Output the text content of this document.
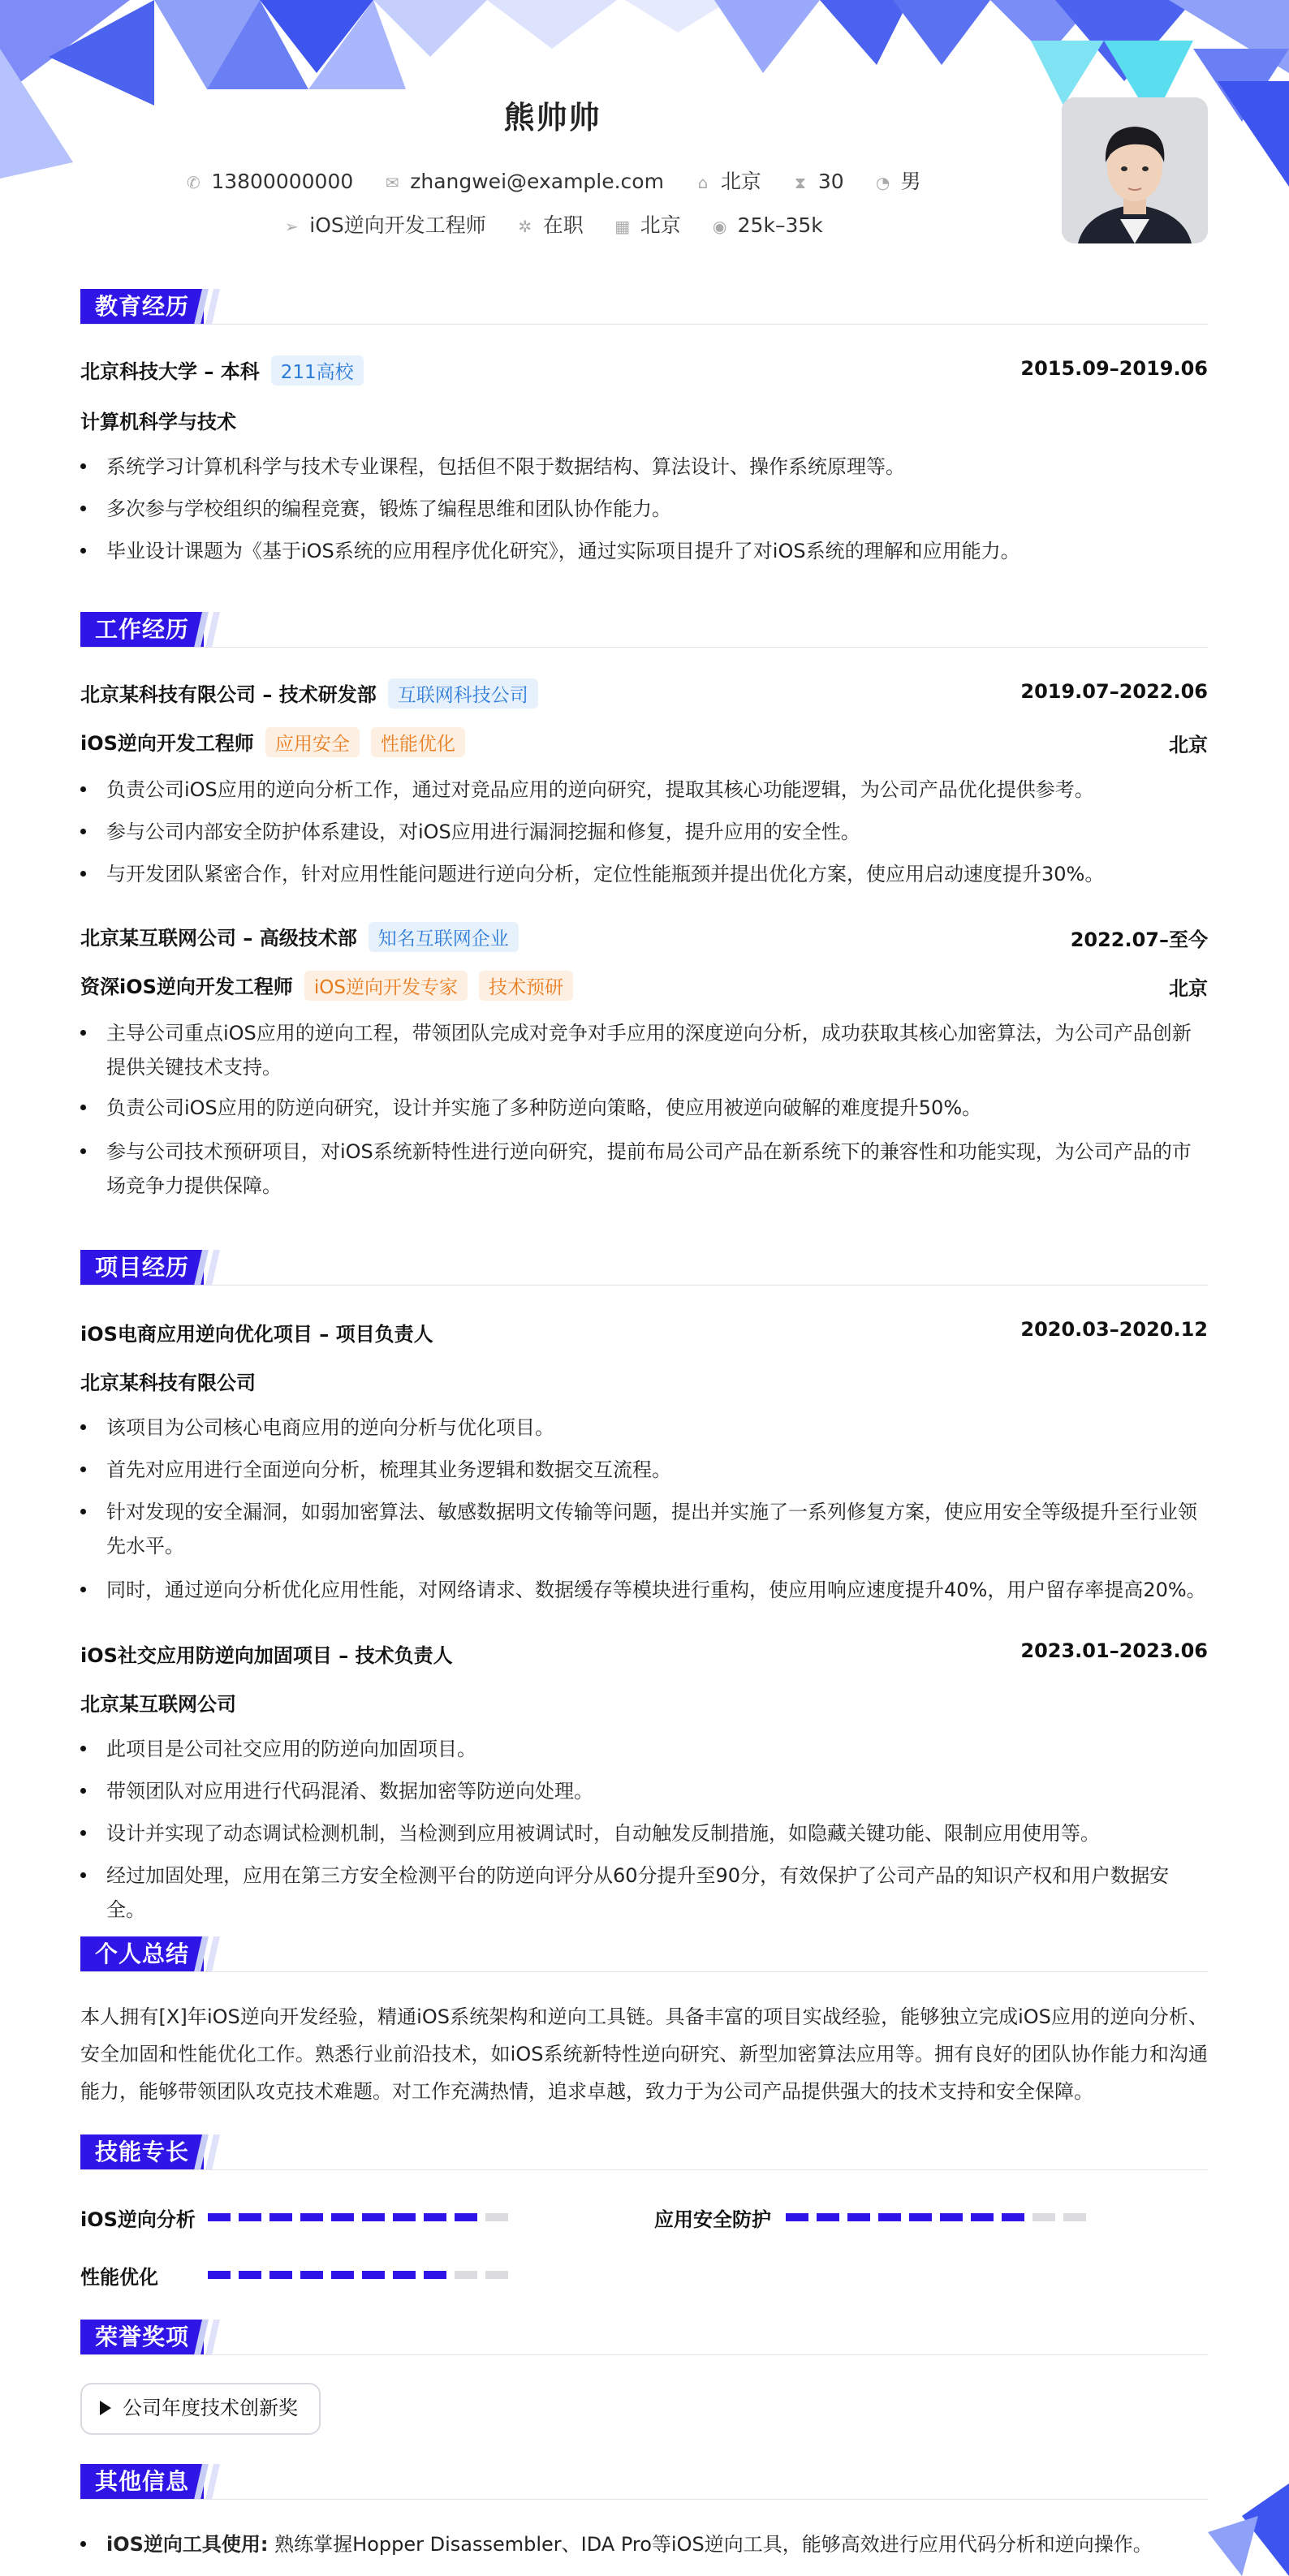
熊帅帅
✆ 13800000000 ✉ zhangwei@example.com ⌂ 北京 ⧗ 30 ◔ 男
➢ iOS逆向开发工程师 ✲ 在职 ▦ 北京 ◉ 25k–35k
教育经历
北京科技大学 – 本科 211高校	2015.09–2019.06
计算机科学与技术
系统学习计算机科学与技术专业课程，包括但不限于数据结构、算法设计、操作系统原理等。
多次参与学校组织的编程竞赛，锻炼了编程思维和团队协作能力。
毕业设计课题为《基于iOS系统的应用程序优化研究》，通过实际项目提升了对iOS系统的理解和应用能力。
工作经历
北京某科技有限公司 – 技术研发部 互联网科技公司	2019.07–2022.06
iOS逆向开发工程师 应用安全 性能优化	北京
负责公司iOS应用的逆向分析工作，通过对竞品应用的逆向研究，提取其核心功能逻辑，为公司产品优化提供参考。
参与公司内部安全防护体系建设，对iOS应用进行漏洞挖掘和修复，提升应用的安全性。
与开发团队紧密合作，针对应用性能问题进行逆向分析，定位性能瓶颈并提出优化方案，使应用启动速度提升30%。
北京某互联网公司 – 高级技术部 知名互联网企业	2022.07–至今
资深iOS逆向开发工程师 iOS逆向开发专家 技术预研	北京
主导公司重点iOS应用的逆向工程，带领团队完成对竞争对手应用的深度逆向分析，成功获取其核心加密算法，为公司产品创新提供关键技术支持。
负责公司iOS应用的防逆向研究，设计并实施了多种防逆向策略，使应用被逆向破解的难度提升50%。
参与公司技术预研项目，对iOS系统新特性进行逆向研究，提前布局公司产品在新系统下的兼容性和功能实现，为公司产品的市场竞争力提供保障。
项目经历
iOS电商应用逆向优化项目 – 项目负责人	2020.03–2020.12
北京某科技有限公司
该项目为公司核心电商应用的逆向分析与优化项目。
首先对应用进行全面逆向分析，梳理其业务逻辑和数据交互流程。
针对发现的安全漏洞，如弱加密算法、敏感数据明文传输等问题，提出并实施了一系列修复方案，使应用安全等级提升至行业领先水平。
同时，通过逆向分析优化应用性能，对网络请求、数据缓存等模块进行重构，使应用响应速度提升40%，用户留存率提高20%。
iOS社交应用防逆向加固项目 – 技术负责人	2023.01–2023.06
北京某互联网公司
此项目是公司社交应用的防逆向加固项目。
带领团队对应用进行代码混淆、数据加密等防逆向处理。
设计并实现了动态调试检测机制，当检测到应用被调试时，自动触发反制措施，如隐藏关键功能、限制应用使用等。
经过加固处理，应用在第三方安全检测平台的防逆向评分从60分提升至90分，有效保护了公司产品的知识产权和用户数据安全。
个人总结
本人拥有[X]年iOS逆向开发经验，精通iOS系统架构和逆向工具链。具备丰富的项目实战经验，能够独立完成iOS应用的逆向分析、安全加固和性能优化工作。熟悉行业前沿技术，如iOS系统新特性逆向研究、新型加密算法应用等。拥有良好的团队协作能力和沟通能力，能够带领团队攻克技术难题。对工作充满热情，追求卓越，致力于为公司产品提供强大的技术支持和安全保障。
技能专长
iOS逆向分析	应用安全防护
性能优化
荣誉奖项
公司年度技术创新奖
其他信息
iOS逆向工具使用: 熟练掌握Hopper Disassembler、IDA Pro等iOS逆向工具，能够高效进行应用代码分析和逆向操作。
